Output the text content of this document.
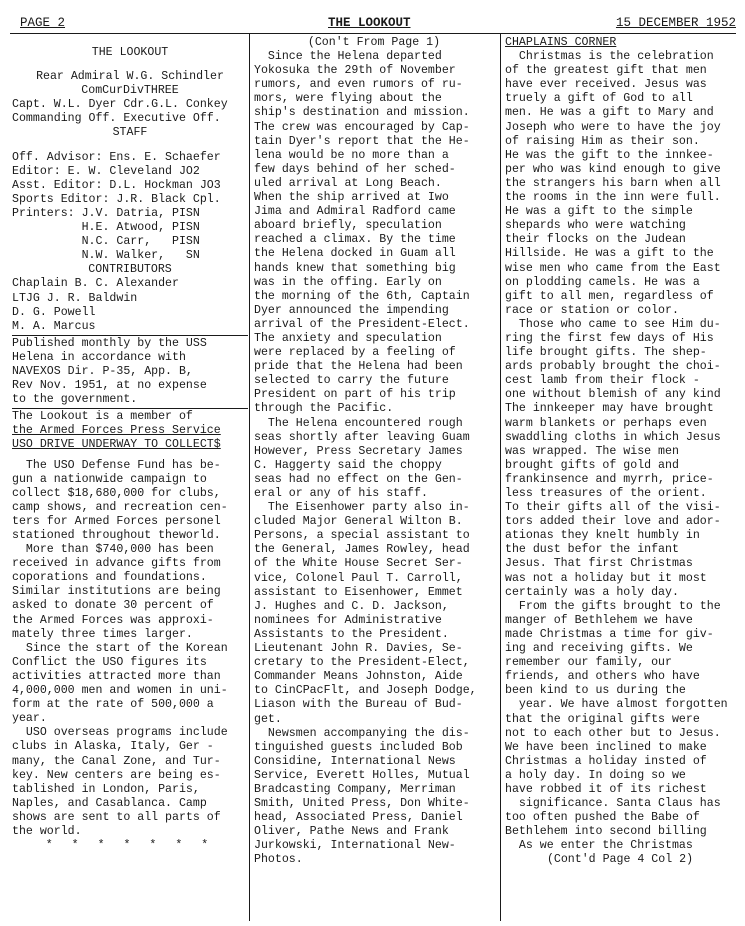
PAGE 2	THE LOOKOUT	15 DECEMBER 1952

THE LOOKOUT

Rear Admiral W.G. Schindler

ComCurDivTHREE

Capt. W.L. Dyer Cdr.G.L. Conkey

Commanding Off. Executive Off.

STAFF

Off. Advisor: Ens. E. Schaefer

Editor: E. W. Cleveland JO2

Asst. Editor: D.L. Hockman JO3

Sports Editor: J.R. Black Cpl.

Printers: J.V. Datria, PISN

H.E. Atwood, PISN

N.C. Carr,   PISN

N.W. Walker,   SN

CONTRIBUTORS

Chaplain B. C. Alexander

LTJG J. R. Baldwin

D. G. Powell

M. A. Marcus

Published monthly by the USS

Helena in accordance with

NAVEXOS Dir. P-35, App. B,

Rev Nov. 1951, at no expense

to the government.

The Lookout is a member of

the Armed Forces Press Service

USO DRIVE UNDERWAY TO COLLECT$

The USO Defense Fund has be-

gun a nationwide campaign to

collect $18,680,000 for clubs,

camp shows, and recreation cen-

ters for Armed Forces personel

stationed throughout theworld.

More than $740,000 has been

received in advance gifts from

coporations and foundations.

Similar institutions are being

asked to donate 30 percent of

the Armed Forces was approxi-

mately three times larger.

Since the start of the Korean

Conflict the USO figures its

activities attracted more than

4,000,000 men and women in uni-

form at the rate of 500,000 a

year.

USO overseas programs include

clubs in Alaska, Italy, Ger -

many, the Canal Zone, and Tur-

key. New centers are being es-

tablished in London, Paris,

Naples, and Casablanca. Camp

shows are sent to all parts of

the world.

* * * * * * *

(Con't From Page 1)

Since the Helena departed

Yokosuka the 29th of November

rumors, and even rumors of ru-

mors, were flying about the

ship's destination and mission.

The crew was encouraged by Cap-

tain Dyer's report that the He-

lena would be no more than a

few days behind of her sched-

uled arrival at Long Beach.

When the ship arrived at Iwo

Jima and Admiral Radford came

aboard briefly, speculation

reached a climax. By the time

the Helena docked in Guam all

hands knew that something big

was in the offing. Early on

the morning of the 6th, Captain

Dyer announced the impending

arrival of the President-Elect.

The anxiety and speculation

were replaced by a feeling of

pride that the Helena had been

selected to carry the future

President on part of his trip

through the Pacific.

The Helena encountered rough

seas shortly after leaving Guam

However, Press Secretary James

C. Haggerty said the choppy

seas had no effect on the Gen-

eral or any of his staff.

The Eisenhower party also in-

cluded Major General Wilton B.

Persons, a special assistant to

the General, James Rowley, head

of the White House Secret Ser-

vice, Colonel Paul T. Carroll,

assistant to Eisenhower, Emmet

J. Hughes and C. D. Jackson,

nominees for Administrative

Assistants to the President.

Lieutenant John R. Davies, Se-

cretary to the President-Elect,

Commander Means Johnston, Aide

to CinCPacFlt, and Joseph Dodge,

Liason with the Bureau of Bud-

get.

Newsmen accompanying the dis-

tinguished guests included Bob

Considine, International News

Service, Everett Holles, Mutual

Bradcasting Company, Merriman

Smith, United Press, Don White-

head, Associated Press, Daniel

Oliver, Pathe News and Frank

Jurkowski, International New-

Photos.

CHAPLAINS CORNER

Christmas is the celebration

of the greatest gift that men

have ever received. Jesus was

truely a gift of God to all

men. He was a gift to Mary and

Joseph who were to have the joy

of raising Him as their son.

He was the gift to the innkee-

per who was kind enough to give

the strangers his barn when all

the rooms in the inn were full.

He was a gift to the simple

shepards who were watching

their flocks on the Judean

Hillside. He was a gift to the

wise men who came from the East

on plodding camels. He was a

gift to all men, regardless of

race or station or color.

Those who came to see Him du-

ring the first few days of His

life brought gifts. The shep-

ards probably brought the choi-

cest lamb from their flock -

one without blemish of any kind

The innkeeper may have brought

warm blankets or perhaps even

swaddling cloths in which Jesus

was wrapped. The wise men

brought gifts of gold and

frankinsence and myrrh, price-

less treasures of the orient.

To their gifts all of the visi-

tors added their love and ador-

ationas they knelt humbly in

the dust befor the infant

Jesus. That first Christmas

was not a holiday but it most

certainly was a holy day.

From the gifts brought to the

manger of Bethlehem we have

made Christmas a time for giv-

ing and receiving gifts. We

remember our family, our

friends, and others who have

been kind to us during the

year. We have almost forgotten

that the original gifts were

not to each other but to Jesus.

We have been inclined to make

Christmas a holiday insted of

a holy day. In doing so we

have robbed it of its richest

significance. Santa Claus has

too often pushed the Babe of

Bethlehem into second billing

As we enter the Christmas

(Cont'd Page 4 Col 2)
